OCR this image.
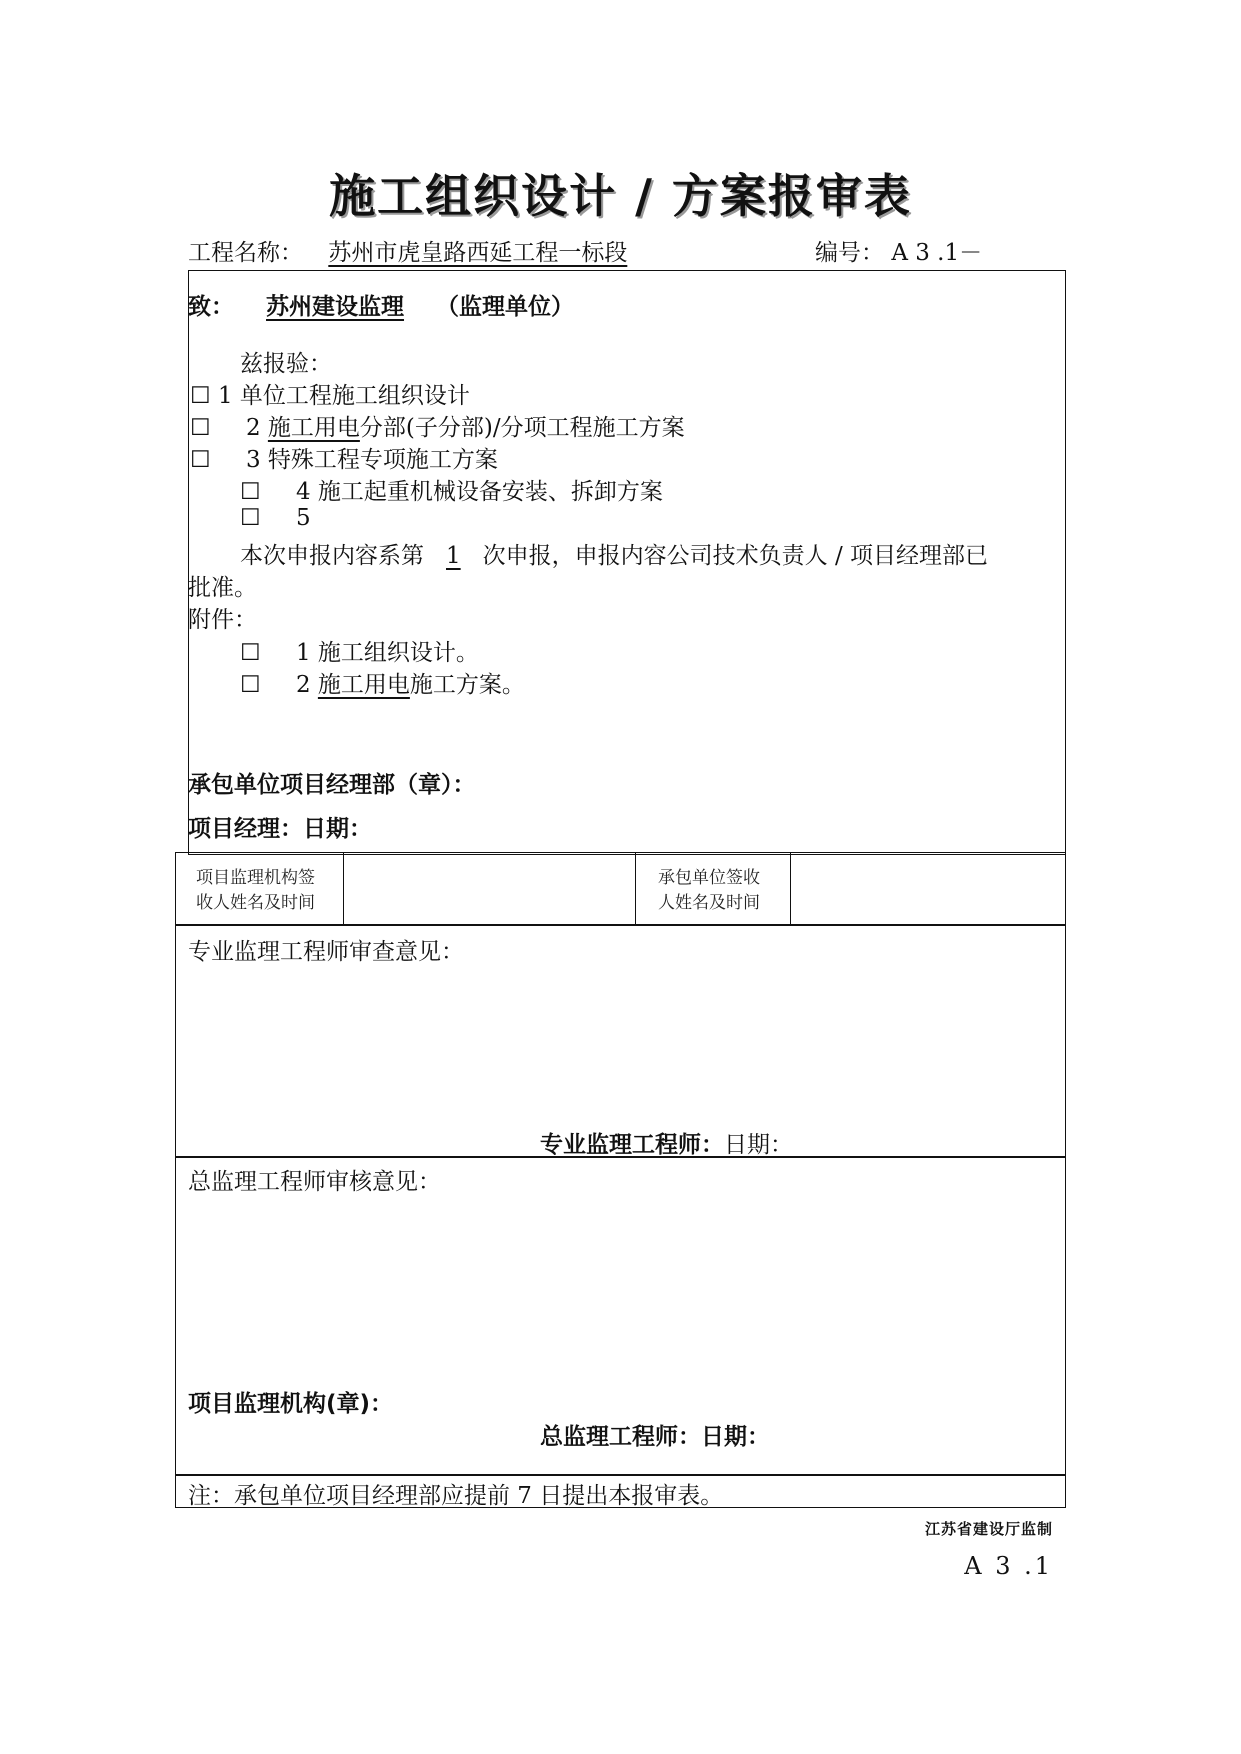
施工组织设计 / 方案报审表
工程名称： 苏州市虎皇路西延工程一标段	编号： A 3 .1－
致： 苏州建设监理 （监理单位）
兹报验：
☐ 1 单位工程施工组织设计
☐ 2 施工用电分部(子分部)/分项工程施工方案
☐ 3 特殊工程专项施工方案
☐ 4 施工起重机械设备安装、拆卸方案
☐ 5
本次申报内容系第 1 次申报，申报内容公司技术负责人 / 项目经理部已
批准。
附件：
☐ 1 施工组织设计。
☐ 2 施工用电施工方案。
承包单位项目经理部（章）：
项目经理：日期：
项目监理机构签
收人姓名及时间
承包单位签收
人姓名及时间
专业监理工程师审查意见：
专业监理工程师：日期：
总监理工程师审核意见：
项目监理机构(章)：
总监理工程师：日期：
注：承包单位项目经理部应提前 7 日提出本报审表。
江苏省建设厅监制
A 3 .1
